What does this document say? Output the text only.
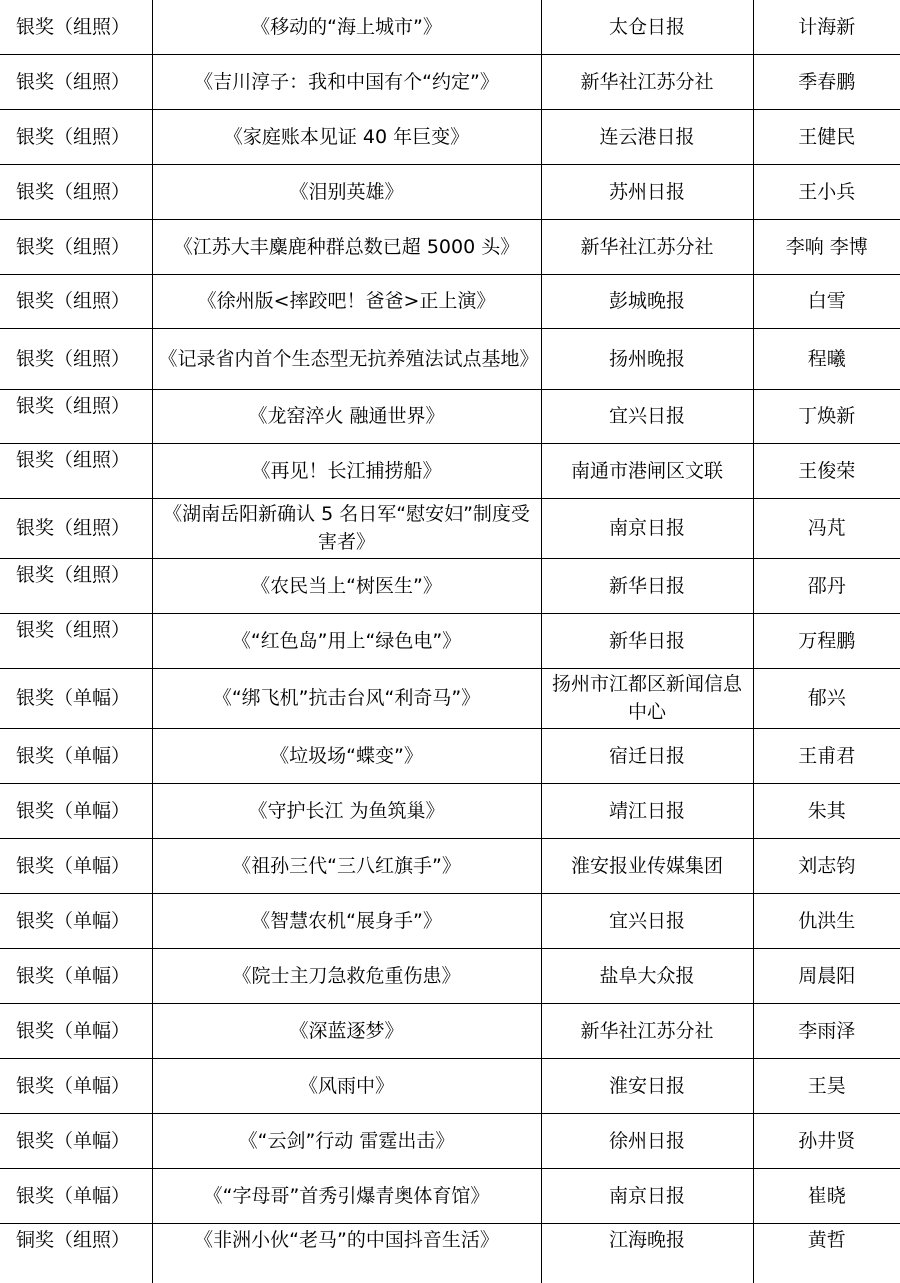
银奖（组照）	《移动的“海上城市”》	太仓日报	计海新
银奖（组照）	《吉川淳子：我和中国有个“约定”》	新华社江苏分社	季春鹏
银奖（组照）	《家庭账本见证 40 年巨变》	连云港日报	王健民
银奖（组照）	《泪别英雄》	苏州日报	王小兵
银奖（组照）	《江苏大丰麋鹿种群总数已超 5000 头》	新华社江苏分社	李响 李博
银奖（组照）	《徐州版<摔跤吧！爸爸>正上演》	彭城晚报	白雪
银奖（组照）	《记录省内首个生态型无抗养殖法试点基地》	扬州晚报	程曦
银奖（组照）	《龙窑淬火 融通世界》	宜兴日报	丁焕新
银奖（组照）	《再见！长江捕捞船》	南通市港闸区文联	王俊荣
银奖（组照）	《湖南岳阳新确认 5 名日军“慰安妇”制度受害者》	南京日报	冯芃
银奖（组照）	《农民当上“树医生”》	新华日报	邵丹
银奖（组照）	《“红色岛”用上“绿色电”》	新华日报	万程鹏
银奖（单幅）	《“绑飞机”抗击台风“利奇马”》	扬州市江都区新闻信息中心	郁兴
银奖（单幅）	《垃圾场“蝶变”》	宿迁日报	王甫君
银奖（单幅）	《守护长江 为鱼筑巢》	靖江日报	朱其
银奖（单幅）	《祖孙三代“三八红旗手”》	淮安报业传媒集团	刘志钧
银奖（单幅）	《智慧农机“展身手”》	宜兴日报	仇洪生
银奖（单幅）	《院士主刀急救危重伤患》	盐阜大众报	周晨阳
银奖（单幅）	《深蓝逐梦》	新华社江苏分社	李雨泽
银奖（单幅）	《风雨中》	淮安日报	王昊
银奖（单幅）	《“云剑”行动 雷霆出击》	徐州日报	孙井贤
银奖（单幅）	《“字母哥”首秀引爆青奥体育馆》	南京日报	崔晓
铜奖（组照）	《非洲小伙“老马”的中国抖音生活》	江海晚报	黄哲
